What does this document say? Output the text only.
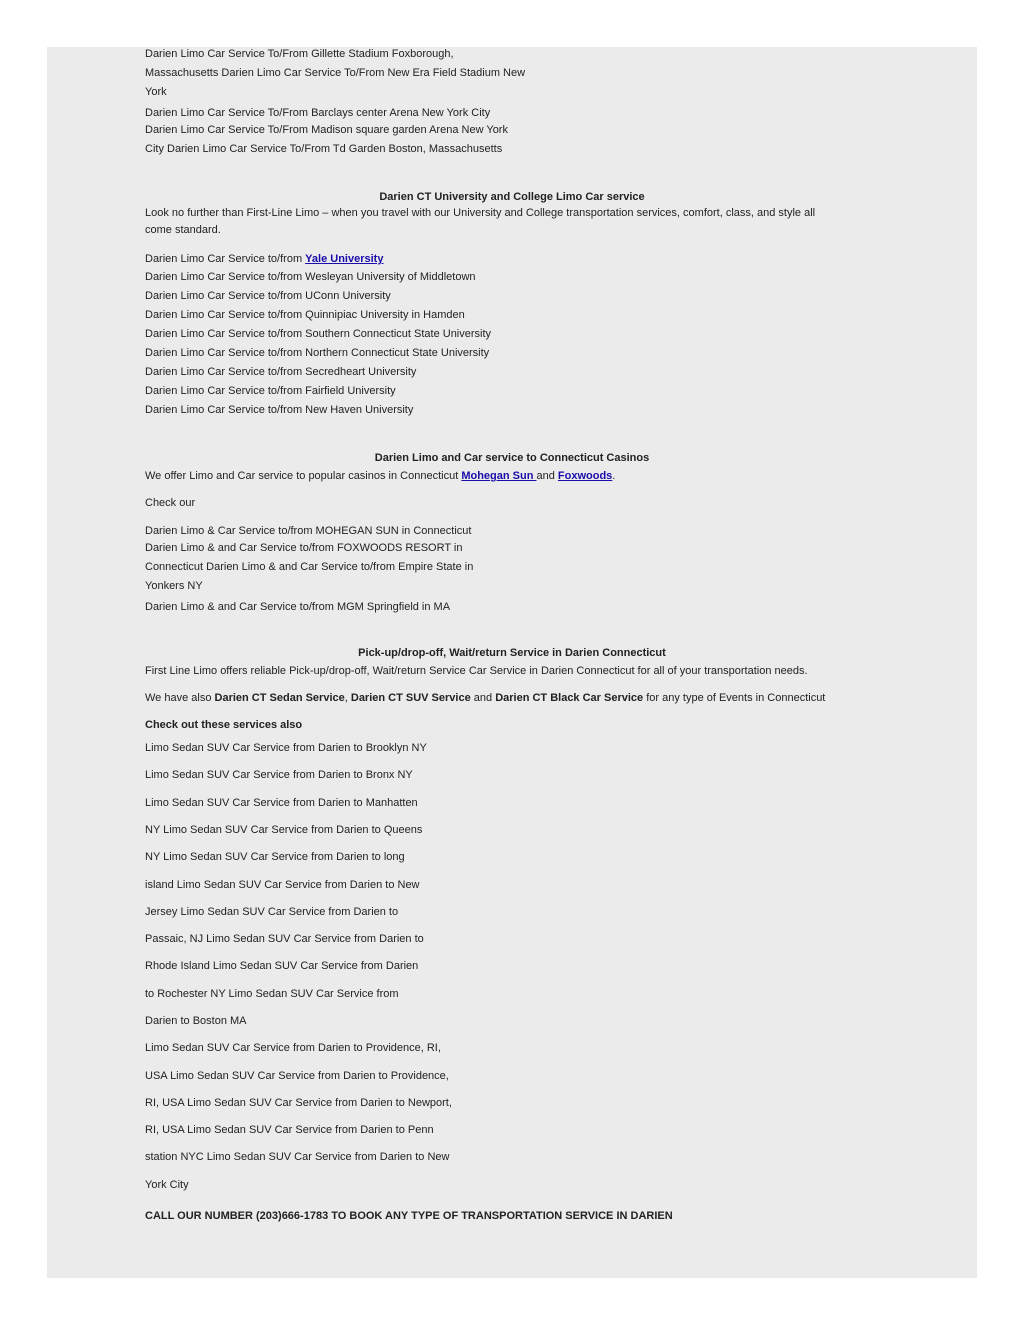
Darien Limo Car Service To/From Gillette Stadium Foxborough,
Massachusetts Darien Limo Car Service To/From New Era Field Stadium New
York
Darien Limo Car Service To/From Barclays center Arena New York City
Darien Limo Car Service To/From Madison square garden Arena New York
City Darien Limo Car Service To/From Td Garden Boston, Massachusetts
Darien CT University and College Limo Car service
Look no further than First-Line Limo – when you travel with our University and College transportation services, comfort, class, and style all
come standard.
Darien Limo Car Service to/from Yale University
Darien Limo Car Service to/from Wesleyan University of Middletown
Darien Limo Car Service to/from UConn University
Darien Limo Car Service to/from Quinnipiac University in Hamden
Darien Limo Car Service to/from Southern Connecticut State University
Darien Limo Car Service to/from Northern Connecticut State University
Darien Limo Car Service to/from Secredheart University
Darien Limo Car Service to/from Fairfield University
Darien Limo Car Service to/from New Haven University
Darien Limo and Car service to Connecticut Casinos
We offer Limo and Car service to popular casinos in Connecticut Mohegan Sun and Foxwoods.
Check our
Darien Limo & Car Service to/from MOHEGAN SUN in Connecticut
Darien Limo & and Car Service to/from FOXWOODS RESORT in
Connecticut Darien Limo & and Car Service to/from Empire State in
Yonkers NY
Darien Limo & and Car Service to/from MGM Springfield in MA
Pick-up/drop-off, Wait/return Service in Darien Connecticut
First Line Limo offers reliable Pick-up/drop-off, Wait/return Service Car Service in Darien Connecticut for all of your transportation needs.
We have also Darien CT Sedan Service, Darien CT SUV Service and Darien CT Black Car Service for any type of Events in Connecticut
Check out these services also
Limo Sedan SUV Car Service from Darien to Brooklyn NY
Limo Sedan SUV Car Service from Darien to Bronx NY
Limo Sedan SUV Car Service from Darien to Manhatten
NY Limo Sedan SUV Car Service from Darien to Queens
NY Limo Sedan SUV Car Service from Darien to long
island Limo Sedan SUV Car Service from Darien to New
Jersey Limo Sedan SUV Car Service from Darien to
Passaic, NJ Limo Sedan SUV Car Service from Darien to
Rhode Island Limo Sedan SUV Car Service from Darien
to Rochester NY Limo Sedan SUV Car Service from
Darien to Boston MA
Limo Sedan SUV Car Service from Darien to Providence, RI,
USA Limo Sedan SUV Car Service from Darien to Providence,
RI, USA Limo Sedan SUV Car Service from Darien to Newport,
RI, USA Limo Sedan SUV Car Service from Darien to Penn
station NYC Limo Sedan SUV Car Service from Darien to New
York City
CALL OUR NUMBER (203)666-1783 TO BOOK ANY TYPE OF TRANSPORTATION SERVICE IN DARIEN
